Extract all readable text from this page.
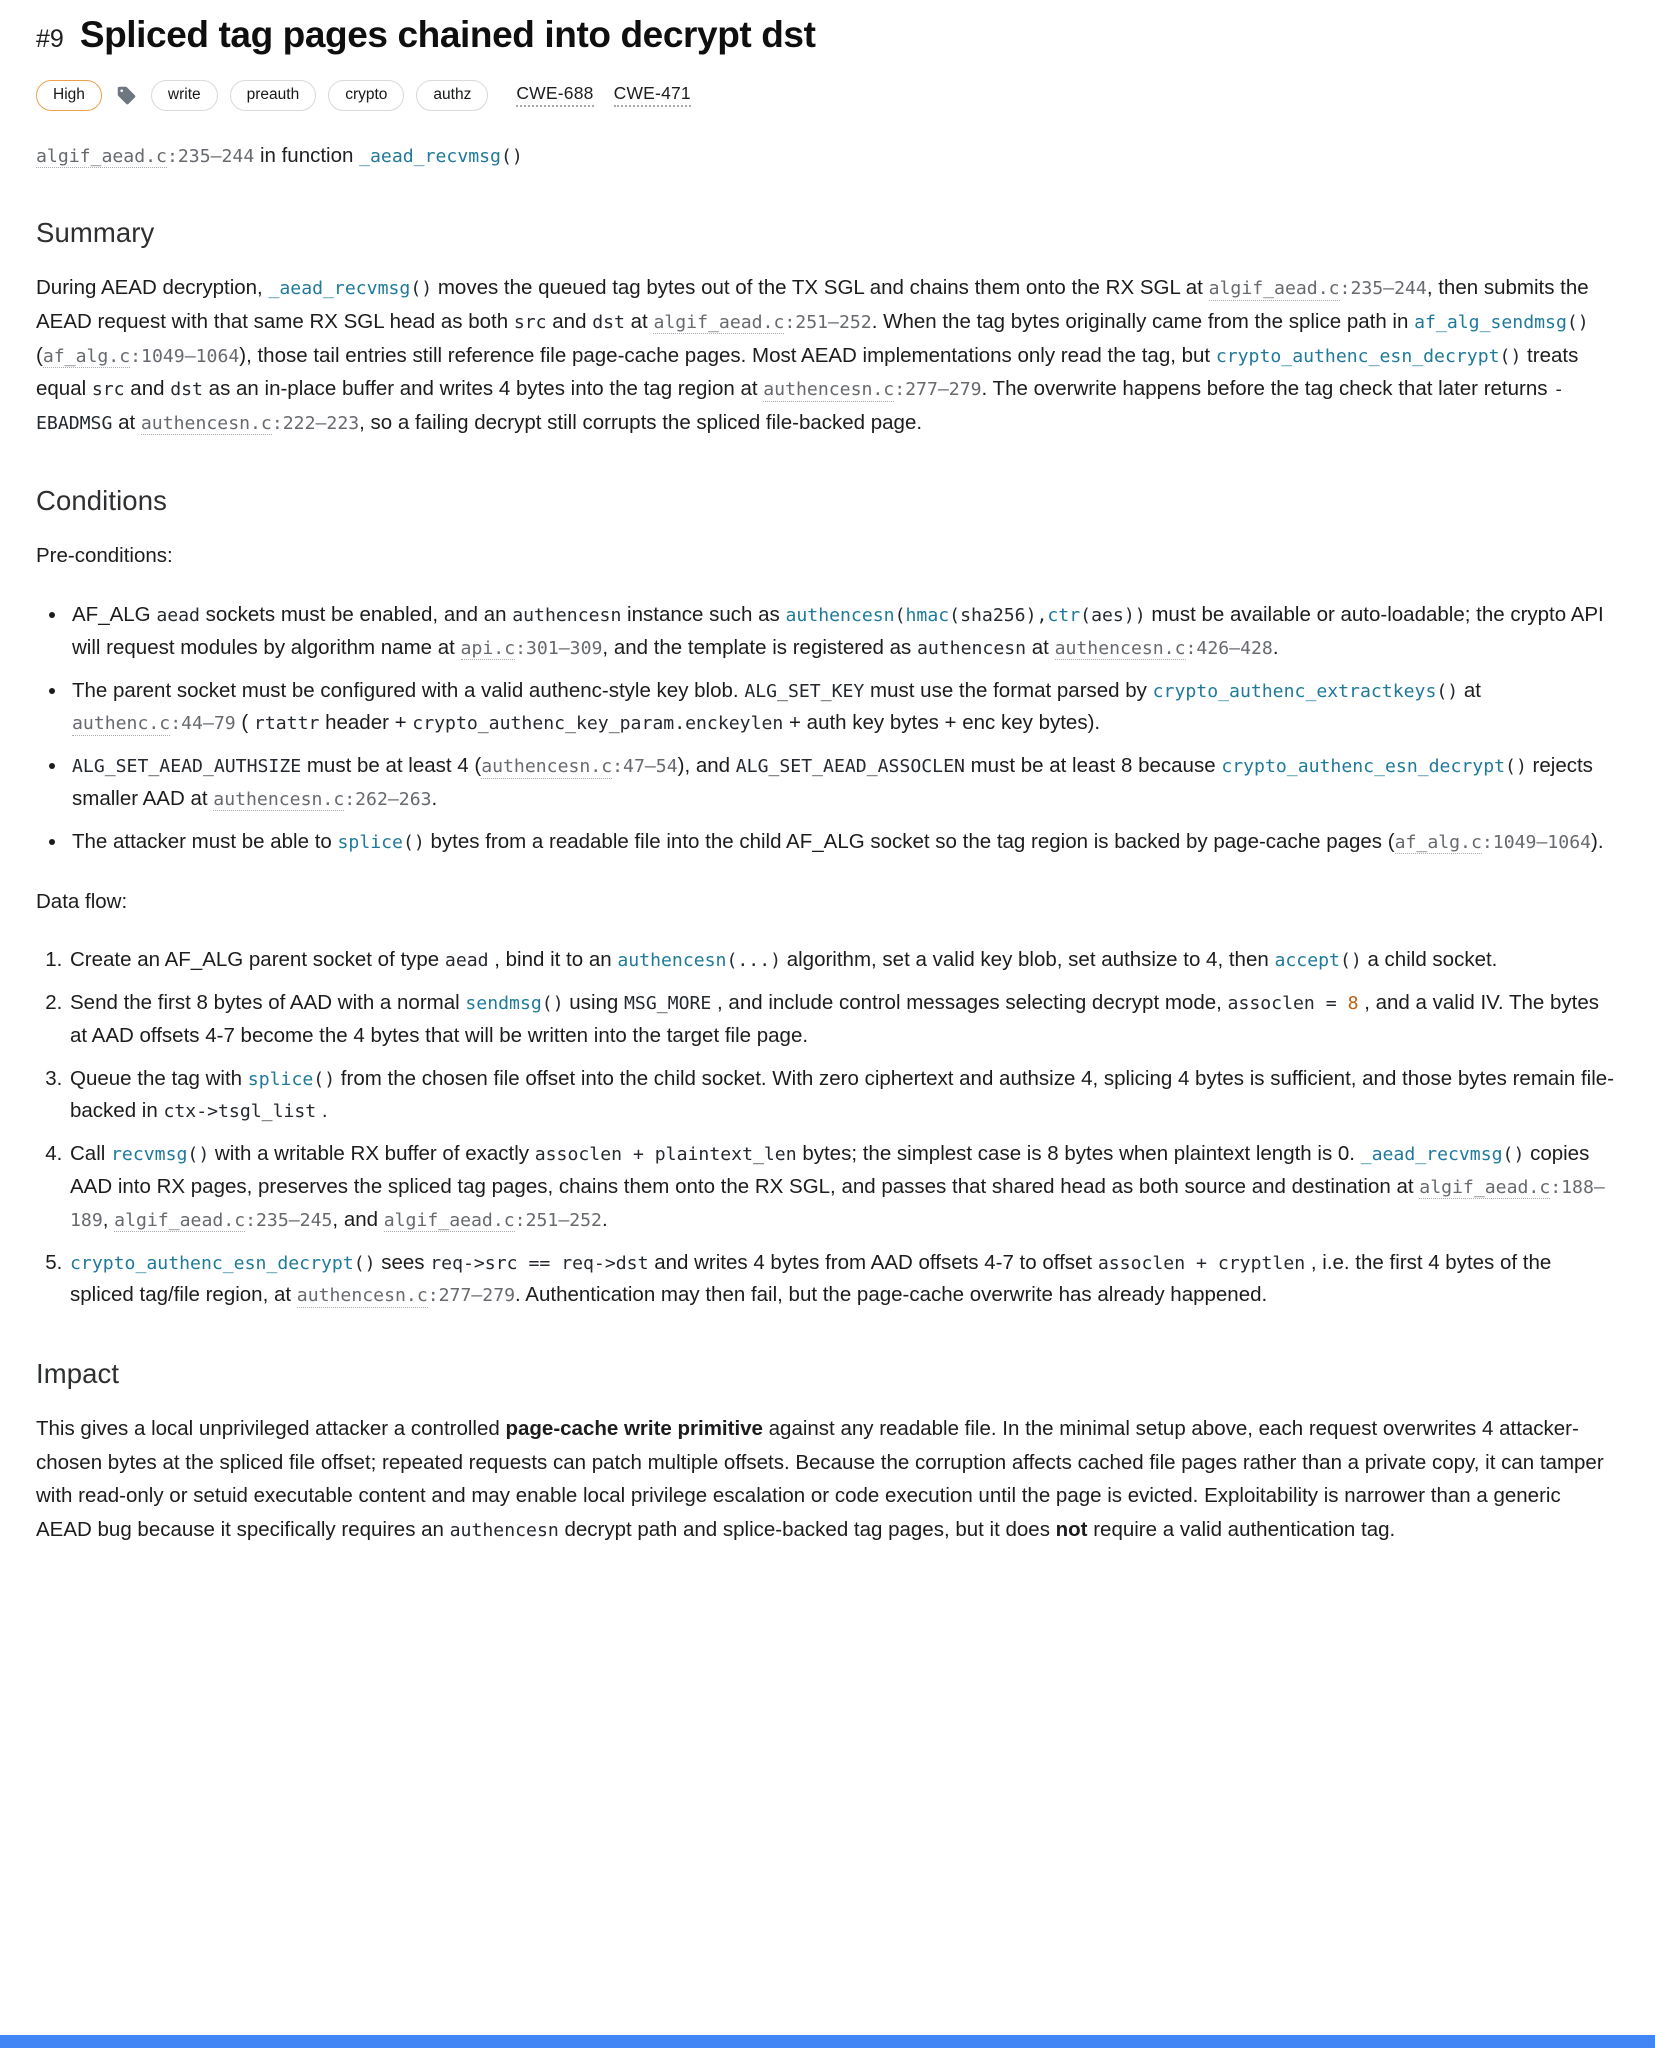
#9 Spliced tag pages chained into decrypt dst
High	write	preauth	crypto	authz	CWE-688 CWE-471
algif_aead.c:235–244 in function _aead_recvmsg()
Summary

During AEAD decryption, _aead_recvmsg() moves the queued tag bytes out of the TX SGL and chains them onto the RX SGL at algif_aead.c:235–244, then submits the AEAD request with that same RX SGL head as both src and dst at algif_aead.c:251–252. When the tag bytes originally came from the splice path in af_alg_sendmsg() (af_alg.c:1049–1064), those tail entries still reference file page-cache pages. Most AEAD implementations only read the tag, but crypto_authenc_esn_decrypt() treats equal src and dst as an in-place buffer and writes 4 bytes into the tag region at authencesn.c:277–279. The overwrite happens before the tag check that later returns -EBADMSG at authencesn.c:222–223, so a failing decrypt still corrupts the spliced file-backed page.

Conditions

Pre-conditions:

• AF_ALG aead sockets must be enabled, and an authencesn instance such as authencesn(hmac(sha256),ctr(aes)) must be available or auto-loadable; the crypto API will request modules by algorithm name at api.c:301–309, and the template is registered as authencesn at authencesn.c:426–428.
• The parent socket must be configured with a valid authenc-style key blob. ALG_SET_KEY must use the format parsed by crypto_authenc_extractkeys() at authenc.c:44–79 ( rtattr header + crypto_authenc_key_param.enckeylen + auth key bytes + enc key bytes).
• ALG_SET_AEAD_AUTHSIZE must be at least 4 (authencesn.c:47–54), and ALG_SET_AEAD_ASSOCLEN must be at least 8 because crypto_authenc_esn_decrypt() rejects smaller AAD at authencesn.c:262–263.
• The attacker must be able to splice() bytes from a readable file into the child AF_ALG socket so the tag region is backed by page-cache pages (af_alg.c:1049–1064).

Data flow:

1. Create an AF_ALG parent socket of type aead , bind it to an authencesn(...) algorithm, set a valid key blob, set authsize to 4, then accept() a child socket.
2. Send the first 8 bytes of AAD with a normal sendmsg() using MSG_MORE , and include control messages selecting decrypt mode, assoclen = 8 , and a valid IV. The bytes at AAD offsets 4-7 become the 4 bytes that will be written into the target file page.
3. Queue the tag with splice() from the chosen file offset into the child socket. With zero ciphertext and authsize 4, splicing 4 bytes is sufficient, and those bytes remain file-backed in ctx->tsgl_list .
4. Call recvmsg() with a writable RX buffer of exactly assoclen + plaintext_len bytes; the simplest case is 8 bytes when plaintext length is 0. _aead_recvmsg() copies AAD into RX pages, preserves the spliced tag pages, chains them onto the RX SGL, and passes that shared head as both source and destination at algif_aead.c:188–189, algif_aead.c:235–245, and algif_aead.c:251–252.
5. crypto_authenc_esn_decrypt() sees req->src == req->dst and writes 4 bytes from AAD offsets 4-7 to offset assoclen + cryptlen , i.e. the first 4 bytes of the spliced tag/file region, at authencesn.c:277–279. Authentication may then fail, but the page-cache overwrite has already happened.
Impact

This gives a local unprivileged attacker a controlled page-cache write primitive against any readable file. In the minimal setup above, each request overwrites 4 attacker-chosen bytes at the spliced file offset; repeated requests can patch multiple offsets. Because the corruption affects cached file pages rather than a private copy, it can tamper with read-only or setuid executable content and may enable local privilege escalation or code execution until the page is evicted. Exploitability is narrower than a generic AEAD bug because it specifically requires an authencesn decrypt path and splice-backed tag pages, but it does not require a valid authentication tag.
